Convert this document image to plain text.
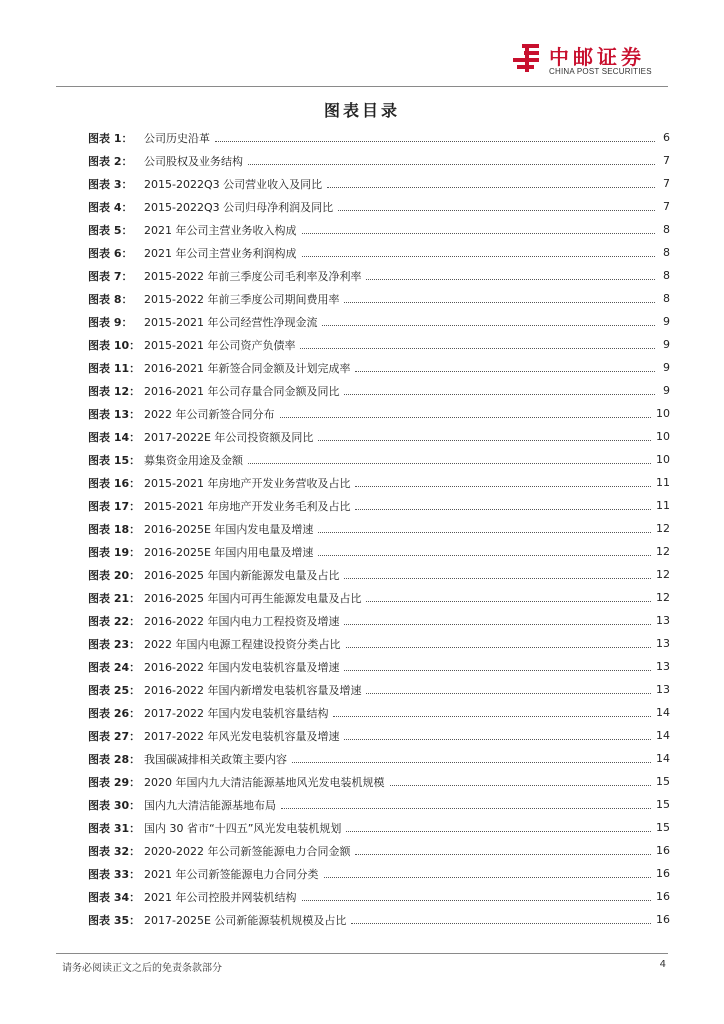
中邮证券
CHINA POST SECURITIES
图表目录
图表 1：	公司历史沿革	6
图表 2：	公司股权及业务结构	7
图表 3：	2015-2022Q3 公司营业收入及同比	7
图表 4：	2015-2022Q3 公司归母净利润及同比	7
图表 5：	2021 年公司主营业务收入构成	8
图表 6：	2021 年公司主营业务利润构成	8
图表 7：	2015-2022 年前三季度公司毛利率及净利率	8
图表 8：	2015-2022 年前三季度公司期间费用率	8
图表 9：	2015-2021 年公司经营性净现金流	9
图表 10： 2015-2021 年公司资产负债率	9
图表 11： 2016-2021 年新签合同金额及计划完成率	9
图表 12： 2016-2021 年公司存量合同金额及同比	9
图表 13： 2022 年公司新签合同分布	10
图表 14： 2017-2022E 年公司投资额及同比	10
图表 15： 募集资金用途及金额	10
图表 16： 2015-2021 年房地产开发业务营收及占比	11
图表 17： 2015-2021 年房地产开发业务毛利及占比	11
图表 18： 2016-2025E 年国内发电量及增速	12
图表 19： 2016-2025E 年国内用电量及增速	12
图表 20： 2016-2025 年国内新能源发电量及占比	12
图表 21： 2016-2025 年国内可再生能源发电量及占比	12
图表 22： 2016-2022 年国内电力工程投资及增速	13
图表 23： 2022 年国内电源工程建设投资分类占比	13
图表 24： 2016-2022 年国内发电装机容量及增速	13
图表 25： 2016-2022 年国内新增发电装机容量及增速	13
图表 26： 2017-2022 年国内发电装机容量结构	14
图表 27： 2017-2022 年风光发电装机容量及增速	14
图表 28： 我国碳减排相关政策主要内容	14
图表 29： 2020 年国内九大清洁能源基地风光发电装机规模	15
图表 30： 国内九大清洁能源基地布局	15
图表 31： 国内 30 省市“十四五”风光发电装机规划	15
图表 32： 2020-2022 年公司新签能源电力合同金额	16
图表 33： 2021 年公司新签能源电力合同分类	16
图表 34： 2021 年公司控股并网装机结构	16
图表 35： 2017-2025E 公司新能源装机规模及占比	16
请务必阅读正文之后的免责条款部分	4
